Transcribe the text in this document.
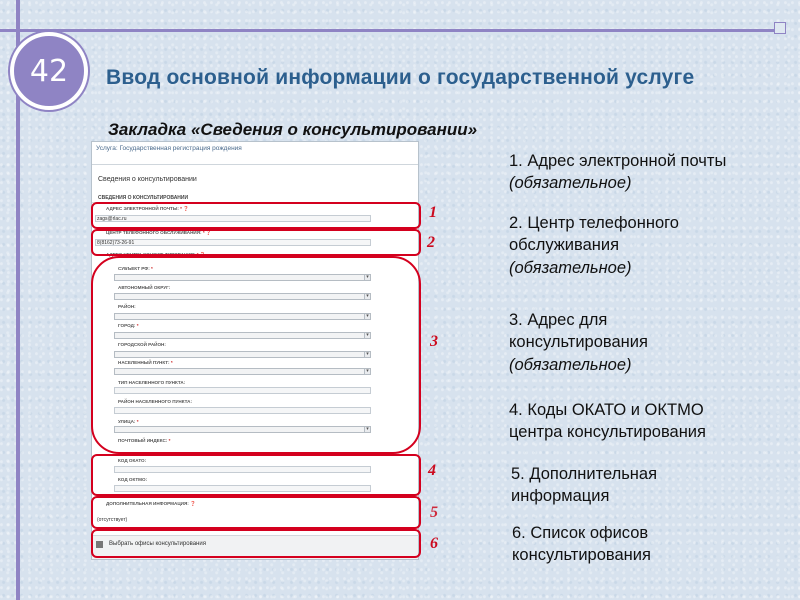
42 Ввод основной информации о государственной услуге
Закладка «Сведения о консультировании»
Услуга: Государственная регистрация рождения
Сведения о консультировании
СВЕДЕНИЯ О КОНСУЛЬТИРОВАНИИ
АДРЕС ЭЛЕКТРОННОЙ ПОЧТЫ: * ❓
zags@rlac.ru
ЦЕНТР ТЕЛЕФОННОГО ОБСЛУЖИВАНИЯ: * ❓
8(8162)73-26-91
АДРЕС ЦЕНТРА КОНСУЛЬТИРОВАНИЯ: * ❓
СУБЪЕКТ РФ: *
▾
АВТОНОМНЫЙ ОКРУГ:
▾
РАЙОН:
▾
ГОРОД: *
▾
ГОРОДСКОЙ РАЙОН:
▾
НАСЕЛЕННЫЙ ПУНКТ: *
▾
ТИП НАСЕЛЕННОГО ПУНКТА:
РАЙОН НАСЕЛЕННОГО ПУНКТА:
УЛИЦА: *
▾
ПОЧТОВЫЙ ИНДЕКС: *
КОД ОКАТО:
КОД ОКТМО:
ДОПОЛНИТЕЛЬНАЯ ИНФОРМАЦИЯ: ❓
(отсутствует)
Выбрать офисы консультирования
1
2
3
4
5
6
1. Адрес электронной почты
(обязательное)
2. Центр телефонного
обслуживания
(обязательное)
3. Адрес для
консультирования
(обязательное)
4. Коды ОКАТО и ОКТМО
центра консультирования
5. Дополнительная
информация
6. Список офисов
консультирования
